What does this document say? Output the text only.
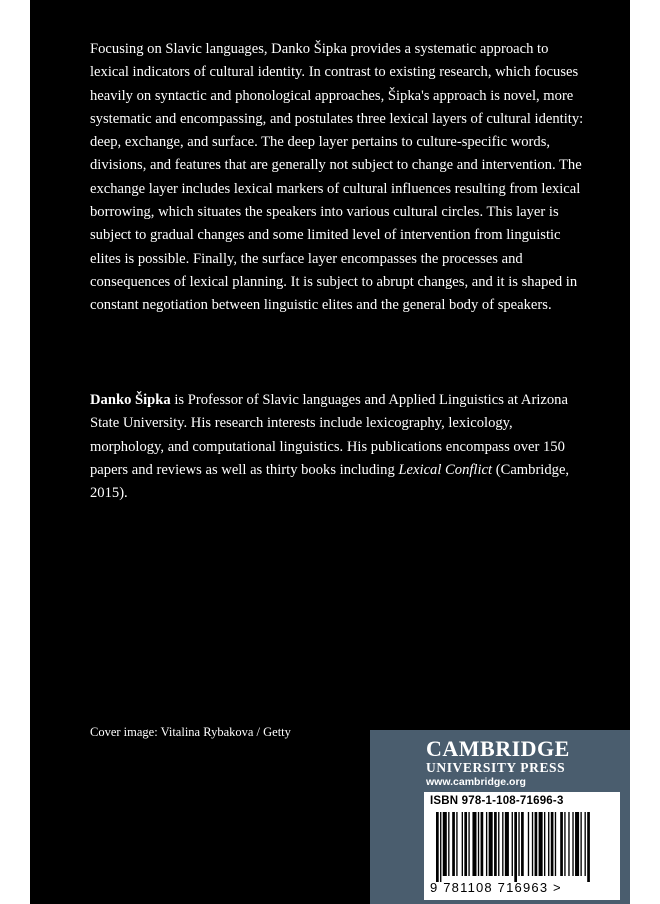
Focusing on Slavic languages, Danko Šipka provides a systematic approach to lexical indicators of cultural identity. In contrast to existing research, which focuses heavily on syntactic and phonological approaches, Šipka's approach is novel, more systematic and encompassing, and postulates three lexical layers of cultural identity: deep, exchange, and surface. The deep layer pertains to culture-specific words, divisions, and features that are generally not subject to change and intervention. The exchange layer includes lexical markers of cultural influences resulting from lexical borrowing, which situates the speakers into various cultural circles. This layer is subject to gradual changes and some limited level of intervention from linguistic elites is possible. Finally, the surface layer encompasses the processes and consequences of lexical planning. It is subject to abrupt changes, and it is shaped in constant negotiation between linguistic elites and the general body of speakers.

Danko Šipka is Professor of Slavic languages and Applied Linguistics at Arizona State University. His research interests include lexicography, lexicology, morphology, and computational linguistics. His publications encompass over 150 papers and reviews as well as thirty books including Lexical Conflict (Cambridge, 2015).

Cover image: Vitalina Rybakova / Getty
CAMBRIDGE
UNIVERSITY PRESS
www.cambridge.org
ISBN 978-1-108-71696-3
9 781108 716963 >
